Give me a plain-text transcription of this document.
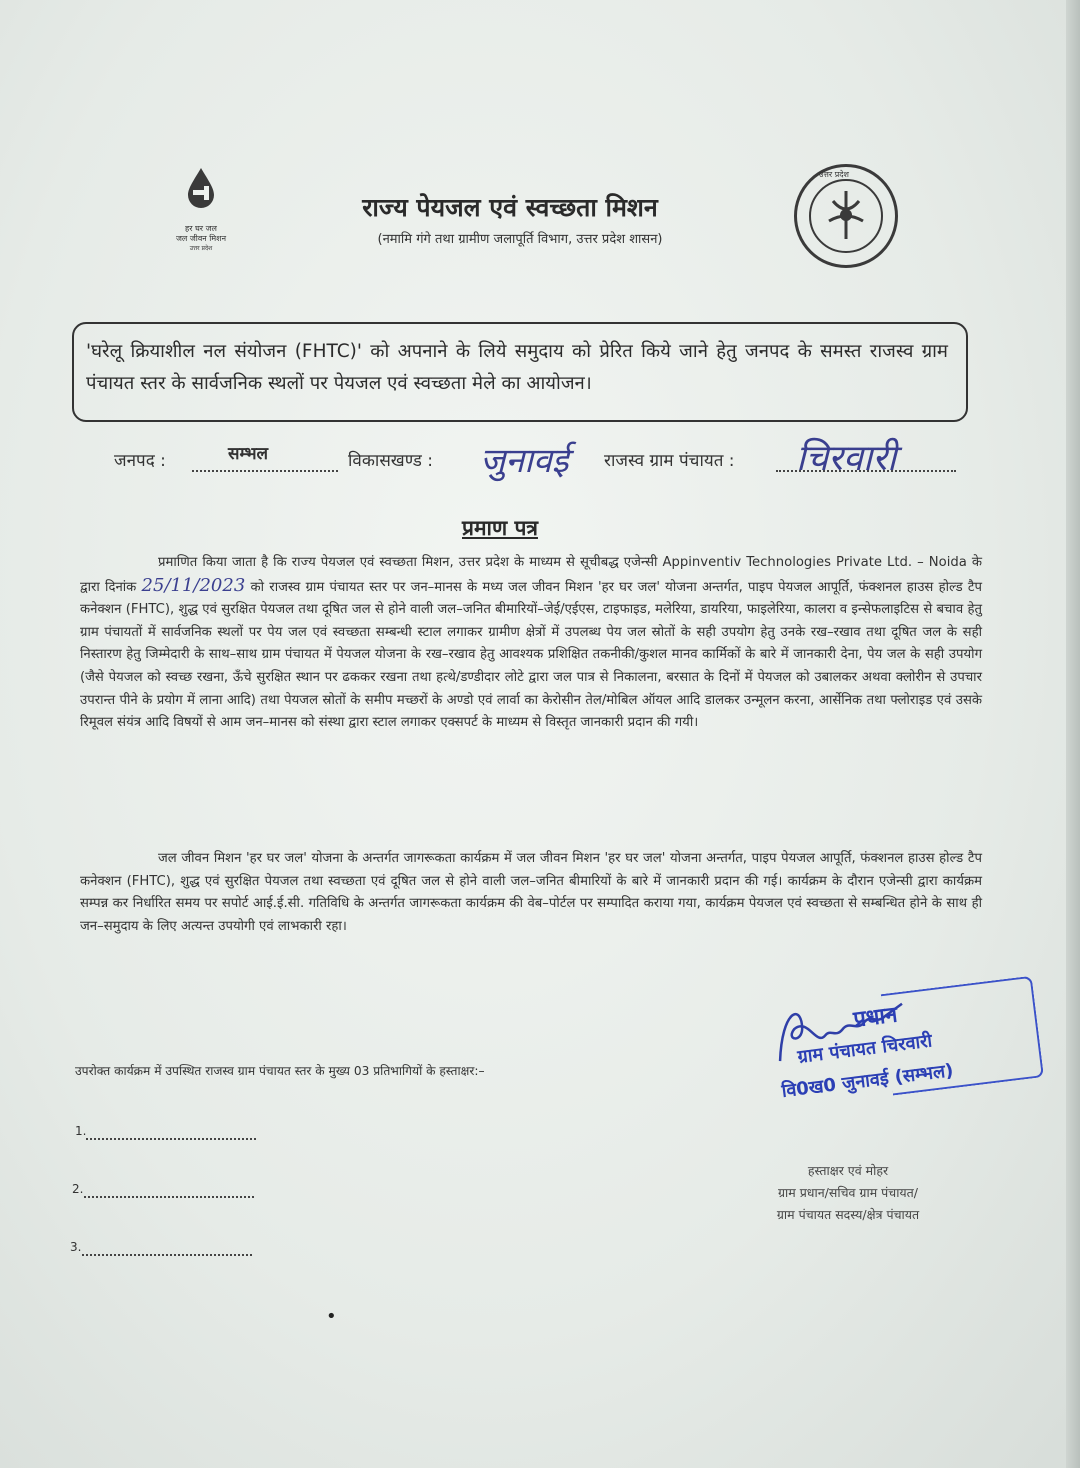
हर घर जल
जल जीवन मिशन
उत्तर प्रदेश
उत्तर प्रदेश
राज्य पेयजल एवं स्वच्छता मिशन
(नमामि गंगे तथा ग्रामीण जलापूर्ति विभाग, उत्तर प्रदेश शासन)
'घरेलू क्रियाशील नल संयोजन (FHTC)' को अपनाने के लिये समुदाय को प्रेरित किये जाने हेतु जनपद के समस्त राजस्व ग्राम पंचायत स्तर के सार्वजनिक स्थलों पर पेयजल एवं स्वच्छता मेले का आयोजन।
जनपद :	सम्भल	विकासखण्ड : जुनावई राजस्व ग्राम पंचायत : चिरवारी
प्रमाण पत्र
प्रमाणित किया जाता है कि राज्य पेयजल एवं स्वच्छता मिशन, उत्तर प्रदेश के माध्यम से सूचीबद्ध एजेन्सी Appinventiv Technologies Private Ltd. – Noida के द्वारा दिनांक 25/11/2023 को राजस्व ग्राम पंचायत स्तर पर जन–मानस के मध्य जल जीवन मिशन 'हर घर जल' योजना अन्तर्गत, पाइप पेयजल आपूर्ति, फंक्शनल हाउस होल्ड टैप कनेक्शन (FHTC), शुद्ध एवं सुरक्षित पेयजल तथा दूषित जल से होने वाली जल–जनित बीमारियों–जेई/एईएस, टाइफाइड, मलेरिया, डायरिया, फाइलेरिया, कालरा व इन्सेफलाइटिस से बचाव हेतु ग्राम पंचायतों में सार्वजनिक स्थलों पर पेय जल एवं स्वच्छता सम्बन्धी स्टाल लगाकर ग्रामीण क्षेत्रों में उपलब्ध पेय जल स्रोतों के सही उपयोग हेतु उनके रख–रखाव तथा दूषित जल के सही निस्तारण हेतु जिम्मेदारी के साथ–साथ ग्राम पंचायत में पेयजल योजना के रख–रखाव हेतु आवश्यक प्रशिक्षित तकनीकी/कुशल मानव कार्मिकों के बारे में जानकारी देना, पेय जल के सही उपयोग (जैसे पेयजल को स्वच्छ रखना, ऊँचे सुरक्षित स्थान पर ढककर रखना तथा हत्थे/डण्डीदार लोटे द्वारा जल पात्र से निकालना, बरसात के दिनों में पेयजल को उबालकर अथवा क्लोरीन से उपचार उपरान्त पीने के प्रयोग में लाना आदि) तथा पेयजल स्रोतों के समीप मच्छरों के अण्डो एवं लार्वा का केरोसीन तेल/मोबिल ऑयल आदि डालकर उन्मूलन करना, आर्सेनिक तथा फ्लोराइड एवं उसके रिमूवल संयंत्र आदि विषयों से आम जन–मानस को संस्था द्वारा स्टाल लगाकर एक्सपर्ट के माध्यम से विस्तृत जानकारी प्रदान की गयी।
जल जीवन मिशन 'हर घर जल' योजना के अन्तर्गत जागरूकता कार्यक्रम में जल जीवन मिशन 'हर घर जल' योजना अन्तर्गत, पाइप पेयजल आपूर्ति, फंक्शनल हाउस होल्ड टैप कनेक्शन (FHTC), शुद्ध एवं सुरक्षित पेयजल तथा स्वच्छता एवं दूषित जल से होने वाली जल–जनित बीमारियों के बारे में जानकारी प्रदान की गई। कार्यक्रम के दौरान एजेन्सी द्वारा कार्यक्रम सम्पन्न कर निर्धारित समय पर सपोर्ट आई.ई.सी. गतिविधि के अन्तर्गत जागरूकता कार्यक्रम की वेब–पोर्टल पर सम्पादित कराया गया, कार्यक्रम पेयजल एवं स्वच्छता से सम्बन्धित होने के साथ ही जन–समुदाय के लिए अत्यन्त उपयोगी एवं लाभकारी रहा।
प्रधान
ग्राम पंचायत चिरवारी
वि0ख0 जुनावई (सम्भल)
उपरोक्त कार्यक्रम में उपस्थित राजस्व ग्राम पंचायत स्तर के मुख्य 03 प्रतिभागियों के हस्ताक्षर:–
1.
2.
3.
हस्ताक्षर एवं मोहर
ग्राम प्रधान/सचिव ग्राम पंचायत/
ग्राम पंचायत सदस्य/क्षेत्र पंचायत
•
